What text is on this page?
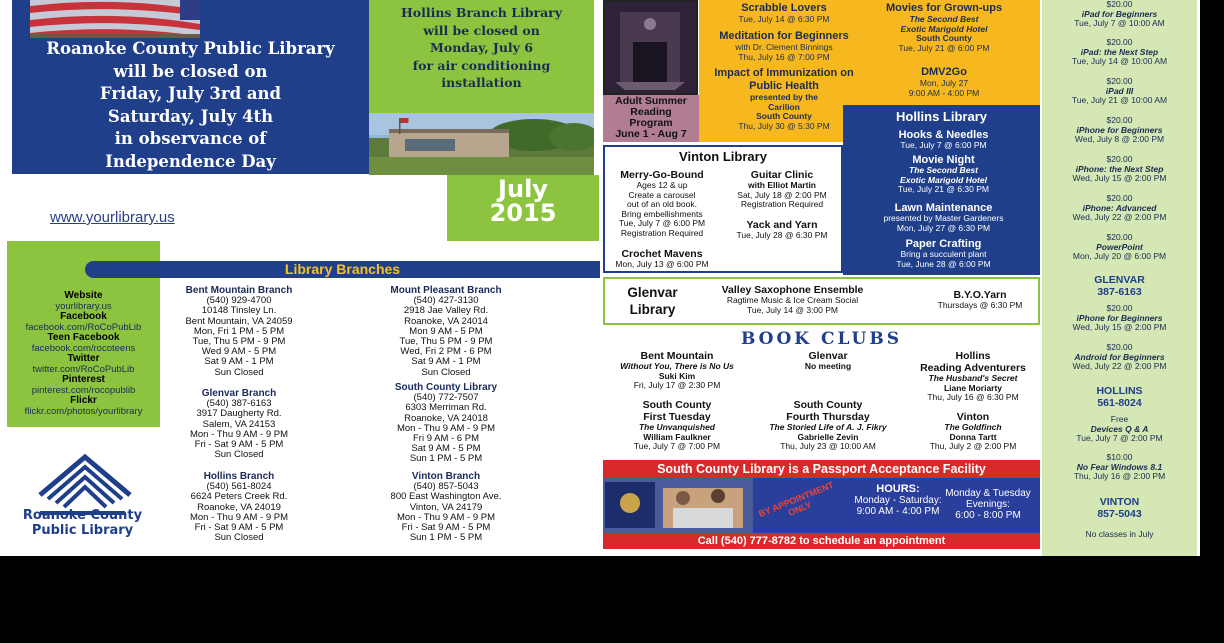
Roanoke County Public Library
will be closed on
Friday, July 3rd and
Saturday, July 4th
in observance of
Independence Day
Hollins Branch Library
will be closed on
Monday, July 6
for air conditioning
installation
July
2015
www.yourlibrary.us
Website
yourlibrary.us
Facebook
facebook.com/RoCoPubLib
Teen Facebook
facebook.com/rocoteens
Twitter
twitter.com/RoCoPubLib
Pinterest
pinterest.com/rocopublib
Flickr
flickr.com/photos/yourlibrary
Library Branches
Bent Mountain Branch
(540) 929-4700
10148 Tinsley Ln.
Bent Mountain, VA 24059
Mon, Fri 1 PM - 5 PM
Tue, Thu 5 PM - 9 PM
Wed 9 AM - 5 PM
Sat 9 AM - 1 PM
Sun Closed
Mount Pleasant Branch
(540) 427-3130
2918 Jae Valley Rd.
Roanoke, VA 24014
Mon 9 AM - 5 PM
Tue, Thu 5 PM - 9 PM
Wed, Fri 2 PM - 6 PM
Sat 9 AM - 1 PM
Sun Closed
Glenvar Branch
(540) 387-6163
3917 Daugherty Rd.
Salem, VA 24153
Mon - Thu 9 AM - 9 PM
Fri - Sat 9 AM - 5 PM
Sun Closed
South County Library
(540) 772-7507
6303 Merriman Rd.
Roanoke, VA 24018
Mon - Thu 9 AM - 9 PM
Fri 9 AM - 6 PM
Sat 9 AM - 5 PM
Sun 1 PM - 5 PM
Hollins Branch
(540) 561-8024
6624 Peters Creek Rd.
Roanoke, VA 24019
Mon - Thu 9 AM - 9 PM
Fri - Sat 9 AM - 5 PM
Sun Closed
Vinton Branch
(540) 857-5043
800 East Washington Ave.
Vinton, VA 24179
Mon - Thu 9 AM - 9 PM
Fri - Sat 9 AM - 5 PM
Sun 1 PM - 5 PM
Roanoke County
Public Library
Adult Summer
Reading
Program
June 1 - Aug 7
Scrabble Lovers
Tue, July 14 @ 6:30 PM
Meditation for Beginners
with Dr. Clement Binnings
Thu, July 16 @ 7:00 PM
Impact of Immunization on Public Health
presented by the
Carilion
South County
Thu, July 30 @ 5:30 PM
Movies for Grown-ups
The Second Best
Exotic Marigold Hotel
South County
Tue, July 21 @ 6:00 PM
DMV2Go
Mon, July 27
9:00 AM - 4:00 PM
Vinton Library
Merry-Go-Bound
Ages 12 & up
Create a carousel
out of an old book.
Bring embellishments
Tue, July 7 @ 6:00 PM
Registration Required
Crochet Mavens
Mon, July 13 @ 6:00 PM
Guitar Clinic
with Elliot Martin
Sat, July 18 @ 2:00 PM
Registration Required
Yack and Yarn
Tue, July 28 @ 6:30 PM
Hollins Library
Hooks & Needles
Tue, July 7 @ 6:00 PM
Movie Night
The Second Best
Exotic Marigold Hotel
Tue, July 21 @ 6:30 PM
Lawn Maintenance
presented by Master Gardeners
Mon, July 27 @ 6:30 PM
Paper Crafting
Bring a succulent plant
Tue, June 28 @ 6:00 PM
Glenvar
Library
Valley Saxophone Ensemble
Ragtime Music & Ice Cream Social
Tue, July 14 @ 3:00 PM
B.Y.O.Yarn
Thursdays @ 6:30 PM
BOOK CLUBS
Bent Mountain
Without You, There is No Us
Suki Kim
Fri, July 17 @ 2:30 PM
Glenvar
No meeting
Hollins
Reading Adventurers
The Husband's Secret
Liane Moriarty
Thu, July 16 @ 6:30 PM
South County
First Tuesday
The Unvanquished
William Faulkner
Tue, July 7 @ 7:00 PM
South County
Fourth Thursday
The Storied Life of A. J. Fikry
Gabrielle Zevin
Thu, July 23 @ 10:00 AM
Vinton
The Goldfinch
Donna Tartt
Thu, July 2 @ 2:00 PM
South County Library is a Passport Acceptance Facility
BY APPOINTMENT ONLY
HOURS:
Monday - Saturday:
9:00 AM - 4:00 PM
Monday & Tuesday
Evenings:
6:00 - 8:00 PM
Call (540) 777-8782 to schedule an appointment
$20.00
iPad for Beginners
Tue, July 7 @ 10:00 AM
$20.00
iPad: the Next Step
Tue, July 14 @ 10:00 AM
$20.00
iPad III
Tue, July 21 @ 10:00 AM
$20.00
iPhone for Beginners
Wed, July 8 @ 2:00 PM
$20.00
iPhone: the Next Step
Wed, July 15 @ 2:00 PM
$20.00
iPhone: Advanced
Wed, July 22 @ 2:00 PM
$20.00
PowerPoint
Mon, July 20 @ 6:00 PM
GLENVAR
387-6163
$20.00
iPhone for Beginners
Wed, July 15 @ 2:00 PM
$20.00
Android for Beginners
Wed, July 22 @ 2:00 PM
HOLLINS
561-8024
Free
Devices Q & A
Tue, July 7 @ 2:00 PM
$10.00
No Fear Windows 8.1
Thu, July 16 @ 2:00 PM
VINTON
857-5043
No classes in July
